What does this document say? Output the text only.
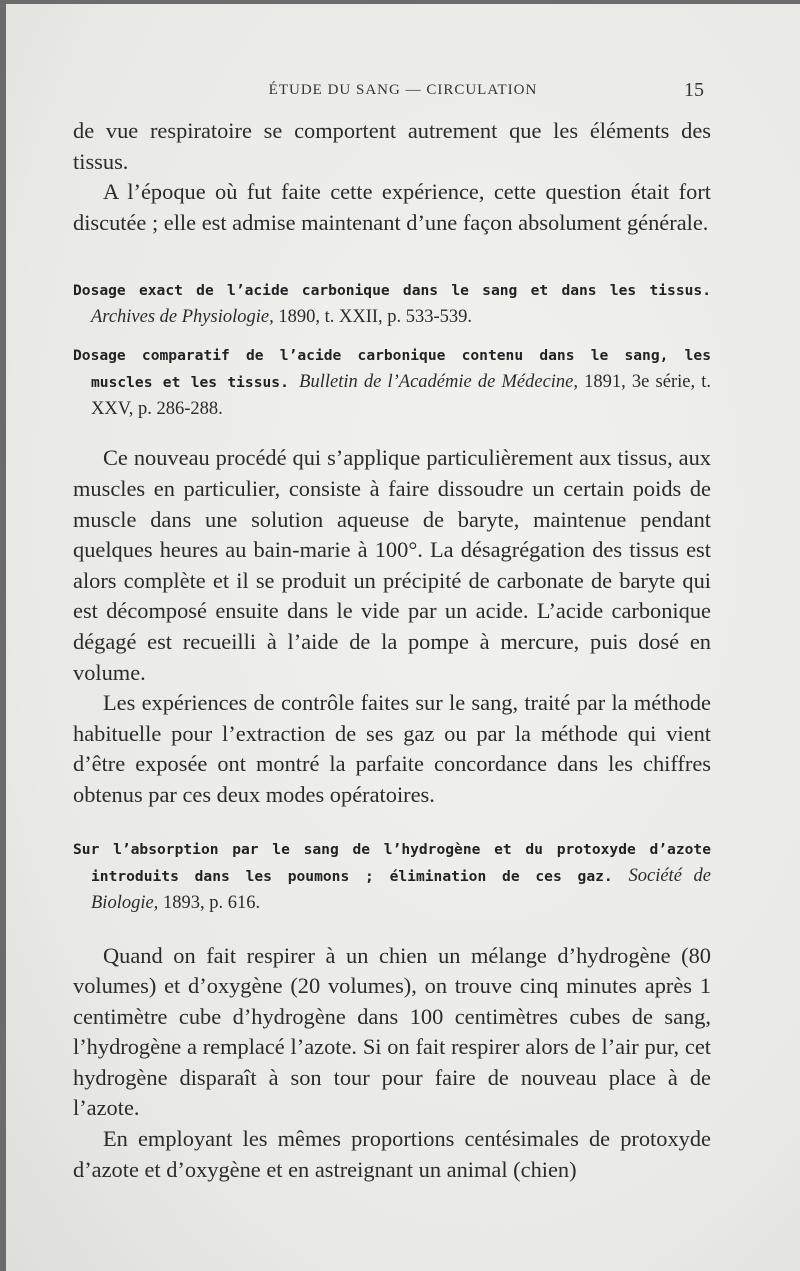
ÉTUDE DU SANG — CIRCULATION	15

de vue respiratoire se comportent autrement que les éléments des tissus.

A l’époque où fut faite cette expérience, cette question était fort discutée ; elle est admise maintenant d’une façon absolument générale.

Dosage exact de l’acide carbonique dans le sang et dans les tissus. Archives de Physiologie, 1890, t. XXII, p. 533-539.

Dosage comparatif de l’acide carbonique contenu dans le sang, les muscles et les tissus. Bulletin de l’Académie de Médecine, 1891, 3e série, t. XXV, p. 286-288.

Ce nouveau procédé qui s’applique particulièrement aux tissus, aux muscles en particulier, consiste à faire dissoudre un certain poids de muscle dans une solution aqueuse de baryte, maintenue pendant quelques heures au bain-marie à 100°. La désagrégation des tissus est alors complète et il se produit un précipité de carbonate de baryte qui est décomposé ensuite dans le vide par un acide. L’acide carbonique dégagé est recueilli à l’aide de la pompe à mercure, puis dosé en volume.

Les expériences de contrôle faites sur le sang, traité par la méthode habituelle pour l’extraction de ses gaz ou par la méthode qui vient d’être exposée ont montré la parfaite concordance dans les chiffres obtenus par ces deux modes opératoires.

Sur l’absorption par le sang de l’hydrogène et du protoxyde d’azote introduits dans les poumons ; élimination de ces gaz. Société de Biologie, 1893, p. 616.

Quand on fait respirer à un chien un mélange d’hydrogène (80 volumes) et d’oxygène (20 volumes), on trouve cinq minutes après 1 centimètre cube d’hydrogène dans 100 centimètres cubes de sang, l’hydrogène a remplacé l’azote. Si on fait respirer alors de l’air pur, cet hydrogène disparaît à son tour pour faire de nouveau place à de l’azote.

En employant les mêmes proportions centésimales de protoxyde d’azote et d’oxygène et en astreignant un animal (chien)
